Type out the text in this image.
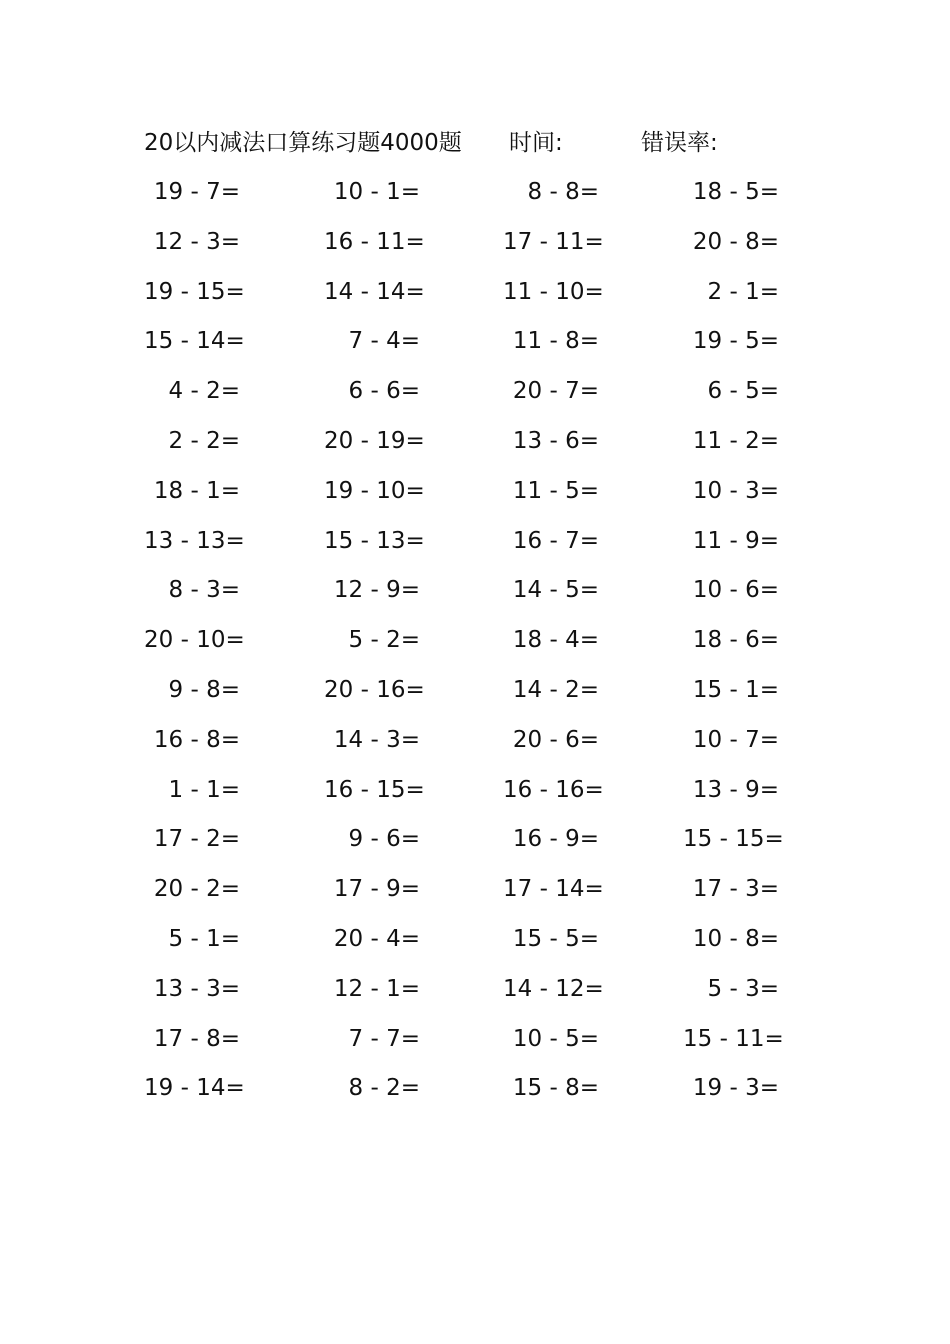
20以内减法口算练习题4000题 时间:	错误率:
19 - 7=	10 - 1=	8 - 8=	18 - 5=
12 - 3=	16 - 11=	17 - 11=	20 - 8=
19 - 15=	14 - 14=	11 - 10=	2 - 1=
15 - 14=	7 - 4=	11 - 8=	19 - 5=
4 - 2=	6 - 6=	20 - 7=	6 - 5=
2 - 2=	20 - 19=	13 - 6=	11 - 2=
18 - 1=	19 - 10=	11 - 5=	10 - 3=
13 - 13=	15 - 13=	16 - 7=	11 - 9=
8 - 3=	12 - 9=	14 - 5=	10 - 6=
20 - 10=	5 - 2=	18 - 4=	18 - 6=
9 - 8=	20 - 16=	14 - 2=	15 - 1=
16 - 8=	14 - 3=	20 - 6=	10 - 7=
1 - 1=	16 - 15=	16 - 16=	13 - 9=
17 - 2=	9 - 6=	16 - 9=	15 - 15=
20 - 2=	17 - 9=	17 - 14=	17 - 3=
5 - 1=	20 - 4=	15 - 5=	10 - 8=
13 - 3=	12 - 1=	14 - 12=	5 - 3=
17 - 8=	7 - 7=	10 - 5=	15 - 11=
19 - 14=	8 - 2=	15 - 8=	19 - 3=
